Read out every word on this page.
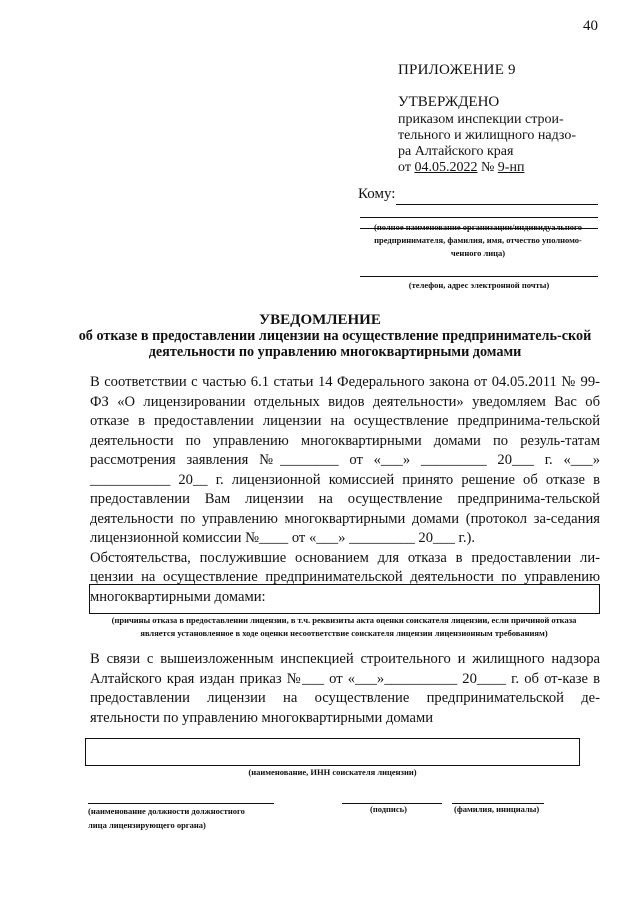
40
ПРИЛОЖЕНИЕ 9
УТВЕРЖДЕНО
приказом инспекции строи-
тельного и жилищного надзо-
ра Алтайского края
от 04.05.2022 № 9-нп
Кому:
(полное наименование организации/индивидуального
предпринимателя, фамилия, имя, отчество уполномо-
ченного лица)
(телефон, адрес электронной почты)
УВЕДОМЛЕНИЕ
об отказе в предоставлении лицензии на осуществление предприниматель-ской деятельности по управлению многоквартирными домами

В соответствии с частью 6.1 статьи 14 Федерального закона от 04.05.2011 № 99-ФЗ «О лицензировании отдельных видов деятельности» уведомляем Вас об отказе в предоставлении лицензии на осуществление предпринима-тельской деятельности по управлению многоквартирными домами по резуль-татам рассмотрения заявления №________ от «___» _________ 20___ г. «___» ___________ 20__ г. лицензионной комиссией принято решение об отказе в предоставлении Вам лицензии на осуществление предпринима-тельской деятельности по управлению многоквартирными домами (протокол за-седания лицензионной комиссии №____ от «___» _________ 20___ г.).

Обстоятельства, послужившие основанием для отказа в предоставлении ли-цензии на осуществление предпринимательской деятельности по управлению многоквартирными домами:

(причины отказа в предоставлении лицензии, в т.ч. реквизиты акта оценки соискателя лицензии, если причиной отказа
является установленное в ходе оценки несоответствие соискателя лицензии лицензионным требованиям)

В связи с вышеизложенным инспекцией строительного и жилищного надзора Алтайского края издан приказ №___ от «___»__________ 20____ г. об от-казе в предоставлении лицензии на осуществление предпринимательской де-ятельности по управлению многоквартирными домами

(наименование, ИНН соискателя лицензии)
(наименование должности должностного
лица лицензирующего органа)
(подпись)	(фамилия, инициалы)
